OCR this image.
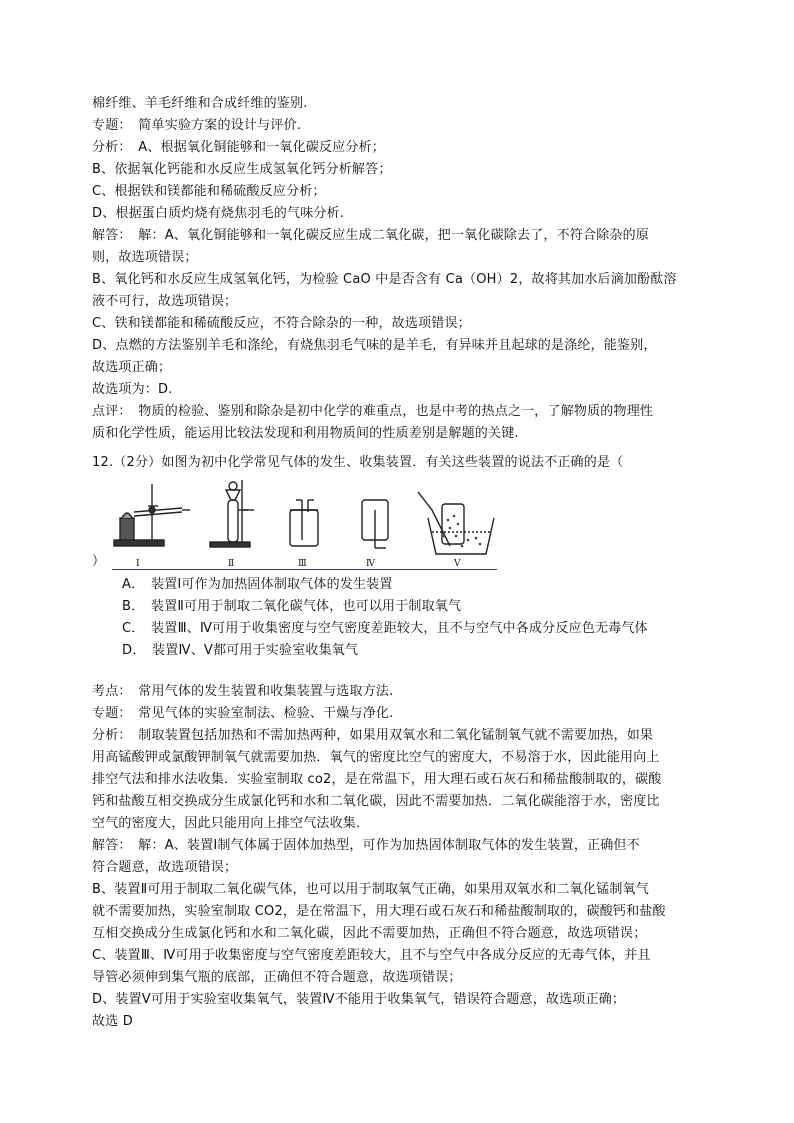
棉纤维、羊毛纤维和合成纤维的鉴别.
专题：　简单实验方案的设计与评价.
分析：　A、根据氧化铜能够和一氧化碳反应分析；
B、依据氧化钙能和水反应生成氢氧化钙分析解答；
C、根据铁和镁都能和稀硫酸反应分析；
D、根据蛋白质灼烧有烧焦羽毛的气味分析.
解答：　解：A、氧化铜能够和一氧化碳反应生成二氧化碳，把一氧化碳除去了，不符合除杂的原
则，故选项错误；
B、氧化钙和水反应生成氢氧化钙，为检验 CaO 中是否含有 Ca（OH）2，故将其加水后滴加酚酞溶
液不可行，故选项错误；
C、铁和镁都能和稀硫酸反应，不符合除杂的一种，故选项错误；
D、点燃的方法鉴别羊毛和涤纶，有烧焦羽毛气味的是羊毛，有异味并且起球的是涤纶，能鉴别，
故选项正确；
故选项为：D.
点评：　物质的检验、鉴别和除杂是初中化学的难重点，也是中考的热点之一，了解物质的物理性
质和化学性质，能运用比较法发现和利用物质间的性质差别是解题的关键.
12.（2分）如图为初中化学常见气体的发生、收集装置．有关这些装置的说法不正确的是（
Ⅰ	Ⅱ	Ⅲ	Ⅳ	Ⅴ
）
A．　装置Ⅰ可作为加热固体制取气体的发生装置
B．　装置Ⅱ可用于制取二氧化碳气体，也可以用于制取氧气
C．　装置Ⅲ、Ⅳ可用于收集密度与空气密度差距较大，且不与空气中各成分反应色无毒气体
D．　装置Ⅳ、Ⅴ都可用于实验室收集氧气
考点：　常用气体的发生装置和收集装置与选取方法.
专题：　常见气体的实验室制法、检验、干燥与净化.
分析：　制取装置包括加热和不需加热两种，如果用双氧水和二氧化锰制氧气就不需要加热，如果
用高锰酸钾或氯酸钾制氧气就需要加热．氧气的密度比空气的密度大，不易溶于水，因此能用向上
排空气法和排水法收集．实验室制取 co2，是在常温下，用大理石或石灰石和稀盐酸制取的，碳酸
钙和盐酸互相交换成分生成氯化钙和水和二氧化碳，因此不需要加热．二氧化碳能溶于水，密度比
空气的密度大，因此只能用向上排空气法收集.
解答：　解：A、装置Ⅰ制气体属于固体加热型，可作为加热固体制取气体的发生装置，正确但不
符合题意，故选项错误；
B、装置Ⅱ可用于制取二氧化碳气体，也可以用于制取氧气正确，如果用双氧水和二氧化锰制氧气
就不需要加热，实验室制取 CO2，是在常温下，用大理石或石灰石和稀盐酸制取的，碳酸钙和盐酸
互相交换成分生成氯化钙和水和二氧化碳，因此不需要加热，正确但不符合题意，故选项错误；
C、装置Ⅲ、Ⅳ可用于收集密度与空气密度差距较大，且不与空气中各成分反应的无毒气体，并且
导管必须伸到集气瓶的底部，正确但不符合题意，故选项错误；
D、装置Ⅴ可用于实验室收集氧气，装置Ⅳ不能用于收集氧气，错误符合题意，故选项正确；
故选 D
